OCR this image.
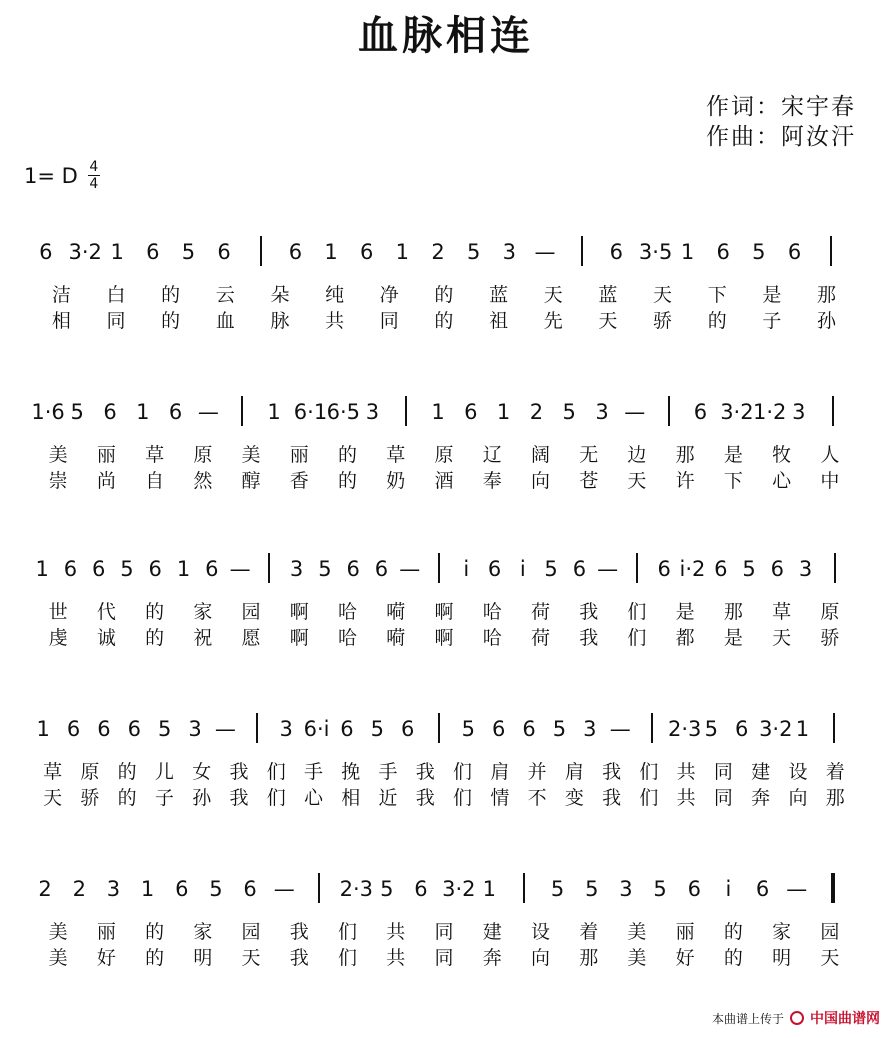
血脉相连
作词：宋宇春
作曲：阿汝汗
1= D $\frac{4}{4}$
6 3·2 1	6	5	6	6	1	6	1	2	5	3 —	6 3·5 1	6	5	6
洁 白 的 云 朵 纯 净 的 蓝 天 蓝 天 下 是 那
相 同 的 血 脉 共 同 的 祖 先 天 骄 的 子 孙
1·6 5 6 1 6 —	1 6·1 6·5 3	1 6 1 2 5 3 —	6 3·2 1·2 3
美 丽 草 原 美 丽 的 草 原 辽 阔 无 边 那 是 牧 人
崇 尚 自 然 醇 香 的 奶 酒 奉 向 苍 天 许 下 心 中
1 6 6 5 6 1 6 —	3 5 6 6 —	i 6 i 5 6 —	6 i·2 6 5 6 3
世 代 的 家 园 啊 哈 嗬 啊 哈 荷 我 们 是 那 草 原
虔 诚 的 祝 愿 啊 哈 嗬 啊 哈 荷 我 们 都 是 天 骄
1 6 6 6 5 3 —	3 6·i 6 5 6	5 6 6 5 3 — 2·3 5 6 3·2 1
草 原 的 儿 女 我 们 手 挽 手 我 们 肩 并 肩 我 们 共 同 建 设 着
天 骄 的 子 孙 我 们 心 相 近 我 们 情 不 变 我 们 共 同 奔 向 那
2 2 3 1 6 5 6 — 2·3 5 6 3·2 1	5 5 3 5 6	i	6 —
美 丽 的 家 园 我 们 共 同 建 设 着 美 丽 的 家 园
美 好 的 明 天 我 们 共 同 奔 向 那 美 好 的 明 天
本曲谱上传于 中国曲谱网
